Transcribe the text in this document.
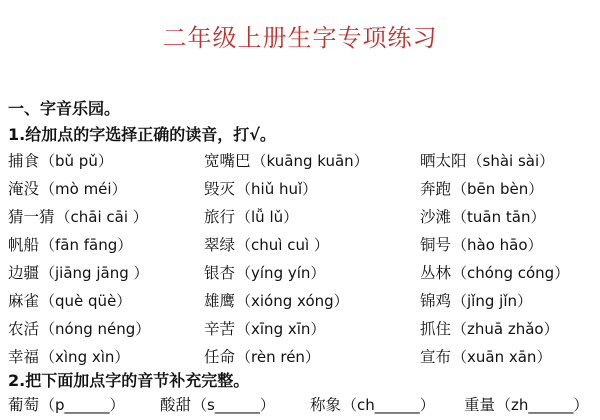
二年级上册生字专项练习
一、字音乐园。
1.给加点的字选择正确的读音，打√。
捕食（bǔ pǔ）	宽嘴巴（kuāng kuān）	晒太阳（shài sài）
淹没（mò méi）	毁灭（hiǔ huǐ）	奔跑（bēn bèn）
猜一猜（chāi cāi ）	旅行（lǚ lǔ）	沙滩（tuān tān）
帆船（fān fāng）	翠绿（chuì cuì ）	铜号（hào hāo）
边疆（jiāng jāng ）	银杏（yíng yín）	丛林（chóng cóng）
麻雀（què qüè）	雄鹰（xióng xóng）	锦鸡（jǐng jǐn）
农活（nóng néng）	辛苦（xīng xīn）	抓住（zhuā zhǎo）
幸福（xìng xìn）	任命（rèn rén）	宣布（xuān xān）
2.把下面加点字的音节补充完整。
葡萄（p______） 酸甜（s______） 称象（ch______） 重量（zh______）
